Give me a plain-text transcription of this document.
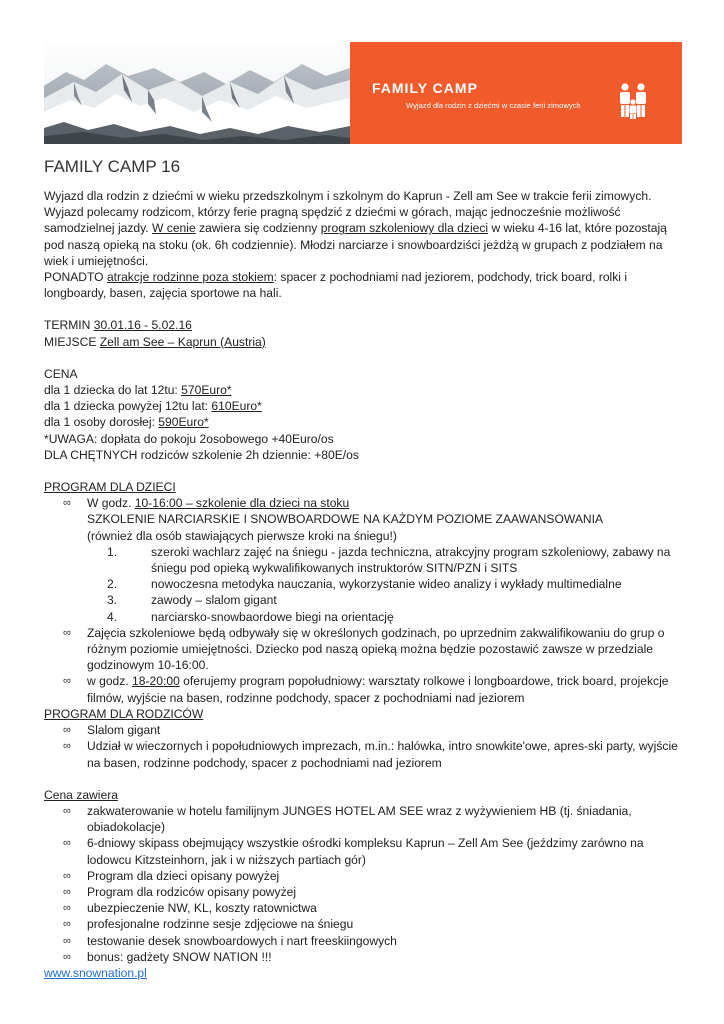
FAMILY CAMP
Wyjazd dla rodzin z dziećmi w czasie ferii zimowych
FAMILY CAMP 16

Wyjazd dla rodzin z dziećmi w wieku przedszkolnym i szkolnym do Kaprun - Zell am See w trakcie ferii zimowych.

Wyjazd polecamy rodzicom, którzy ferie pragną spędzić z dziećmi w górach, mając jednocześnie możliwość samodzielnej jazdy. W cenie zawiera się codzienny program szkoleniowy dla dzieci w wieku 4-16 lat, które pozostają pod naszą opieką na stoku (ok. 6h codziennie). Młodzi narciarze i snowboardziści jeżdżą w grupach z podziałem na wiek i umiejętności.

PONADTO atrakcje rodzinne poza stokiem: spacer z pochodniami nad jeziorem, podchody, trick board, rolki i longboardy, basen, zajęcia sportowe na hali.

TERMIN 30.01.16 - 5.02.16

MIEJSCE Zell am See – Kaprun (Austria)

CENA

dla 1 dziecka do lat 12tu: 570Euro*

dla 1 dziecka powyżej 12tu lat: 610Euro*

dla 1 osoby dorosłej: 590Euro*

*UWAGA: dopłata do pokoju 2osobowego +40Euro/os

DLA CHĘTNYCH rodziców szkolenie 2h dziennie: +80E/os

PROGRAM DLA DZIECI

∞ W godz. 10-16:00 – szkolenie dla dzieci na stoku
SZKOLENIE NARCIARSKIE I SNOWBOARDOWE NA KAŻDYM POZIOME ZAAWANSOWANIA
(również dla osób stawiających pierwsze kroki na śniegu!)
1.	szeroki wachlarz zajęć na śniegu - jazda techniczna, atrakcyjny program szkoleniowy, zabawy na śniegu pod opieką wykwalifikowanych instruktorów SITN/PZN i SITS
2.	nowoczesna metodyka nauczania, wykorzystanie wideo analizy i wykłady multimedialne
3.	zawody – slalom gigant
4.	narciarsko-snowbaordowe biegi na orientację
∞ Zajęcia szkoleniowe będą odbywały się w określonych godzinach, po uprzednim zakwalifikowaniu do grup o różnym poziomie umiejętności. Dziecko pod naszą opieką można będzie pozostawić zawsze w przedziale godzinowym 10-16:00.
∞ w godz. 18-20:00 oferujemy program popołudniowy: warsztaty rolkowe i longboardowe, trick board, projekcje filmów, wyjście na basen, rodzinne podchody, spacer z pochodniami nad jeziorem

PROGRAM DLA RODZICÓW

∞ Slalom gigant
∞ Udział w wieczornych i popołudniowych imprezach, m.in.: halówka, intro snowkite'owe, apres-ski party, wyjście na basen, rodzinne podchody, spacer z pochodniami nad jeziorem

Cena zawiera

∞ zakwaterowanie w hotelu familijnym JUNGES HOTEL AM SEE wraz z wyżywieniem HB (tj. śniadania, obiadokolacje)
∞ 6-dniowy skipass obejmujący wszystkie ośrodki kompleksu Kaprun – Zell Am See (jeździmy zarówno na lodowcu Kitzsteinhorn, jak i w niższych partiach gór)
∞ Program dla dzieci opisany powyżej
∞ Program dla rodziców opisany powyżej
∞ ubezpieczenie NW, KL, koszty ratownictwa
∞ profesjonalne rodzinne sesje zdjęciowe na śniegu
∞ testowanie desek snowboardowych i nart freeskiingowych
∞ bonus: gadżety SNOW NATION !!!
www.snownation.pl
